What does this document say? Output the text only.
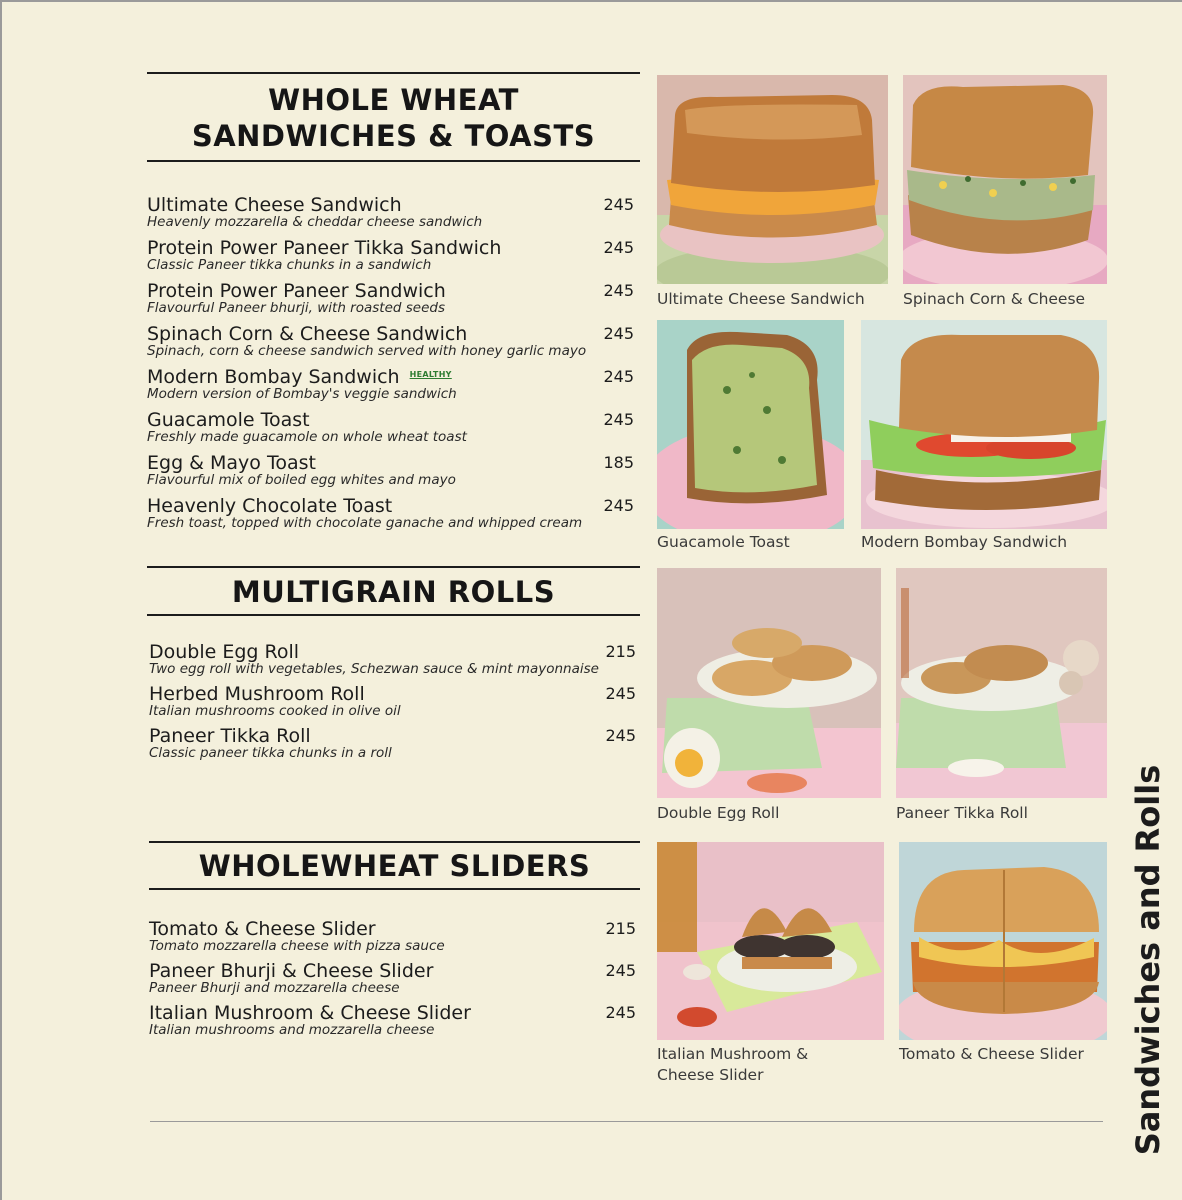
WHOLE WHEAT
SANDWICHES & TOASTS
Ultimate Cheese Sandwich
Heavenly mozzarella & cheddar cheese sandwich
245
Protein Power Paneer Tikka Sandwich
Classic Paneer tikka chunks in a sandwich
245
Protein Power Paneer Sandwich
Flavourful Paneer bhurji, with roasted seeds
245
Spinach Corn & Cheese Sandwich
Spinach, corn & cheese sandwich served with honey garlic mayo
245
Modern Bombay Sandwich HEALTHY
Modern version of Bombay's veggie sandwich
245
Guacamole Toast
Freshly made guacamole on whole wheat toast
245
Egg & Mayo Toast
Flavourful mix of boiled egg whites and mayo
185
Heavenly Chocolate Toast
Fresh toast, topped with chocolate ganache and whipped cream
245
MULTIGRAIN ROLLS
Double Egg Roll
Two egg roll with vegetables, Schezwan sauce & mint mayonnaise
215
Herbed Mushroom Roll
Italian mushrooms cooked in olive oil
245
Paneer Tikka Roll
Classic paneer tikka chunks in a roll
245
WHOLEWHEAT SLIDERS
Tomato & Cheese Slider
Tomato mozzarella cheese with pizza sauce
215
Paneer Bhurji & Cheese Slider
Paneer Bhurji and mozzarella cheese
245
Italian Mushroom & Cheese Slider
Italian mushrooms and mozzarella cheese
245
Ultimate Cheese Sandwich Spinach Corn & Cheese
Guacamole Toast	Modern Bombay Sandwich
Double Egg Roll	Paneer Tikka Roll
Italian Mushroom &
Cheese Slider
Tomato & Cheese Slider Sandwiches and Rolls
